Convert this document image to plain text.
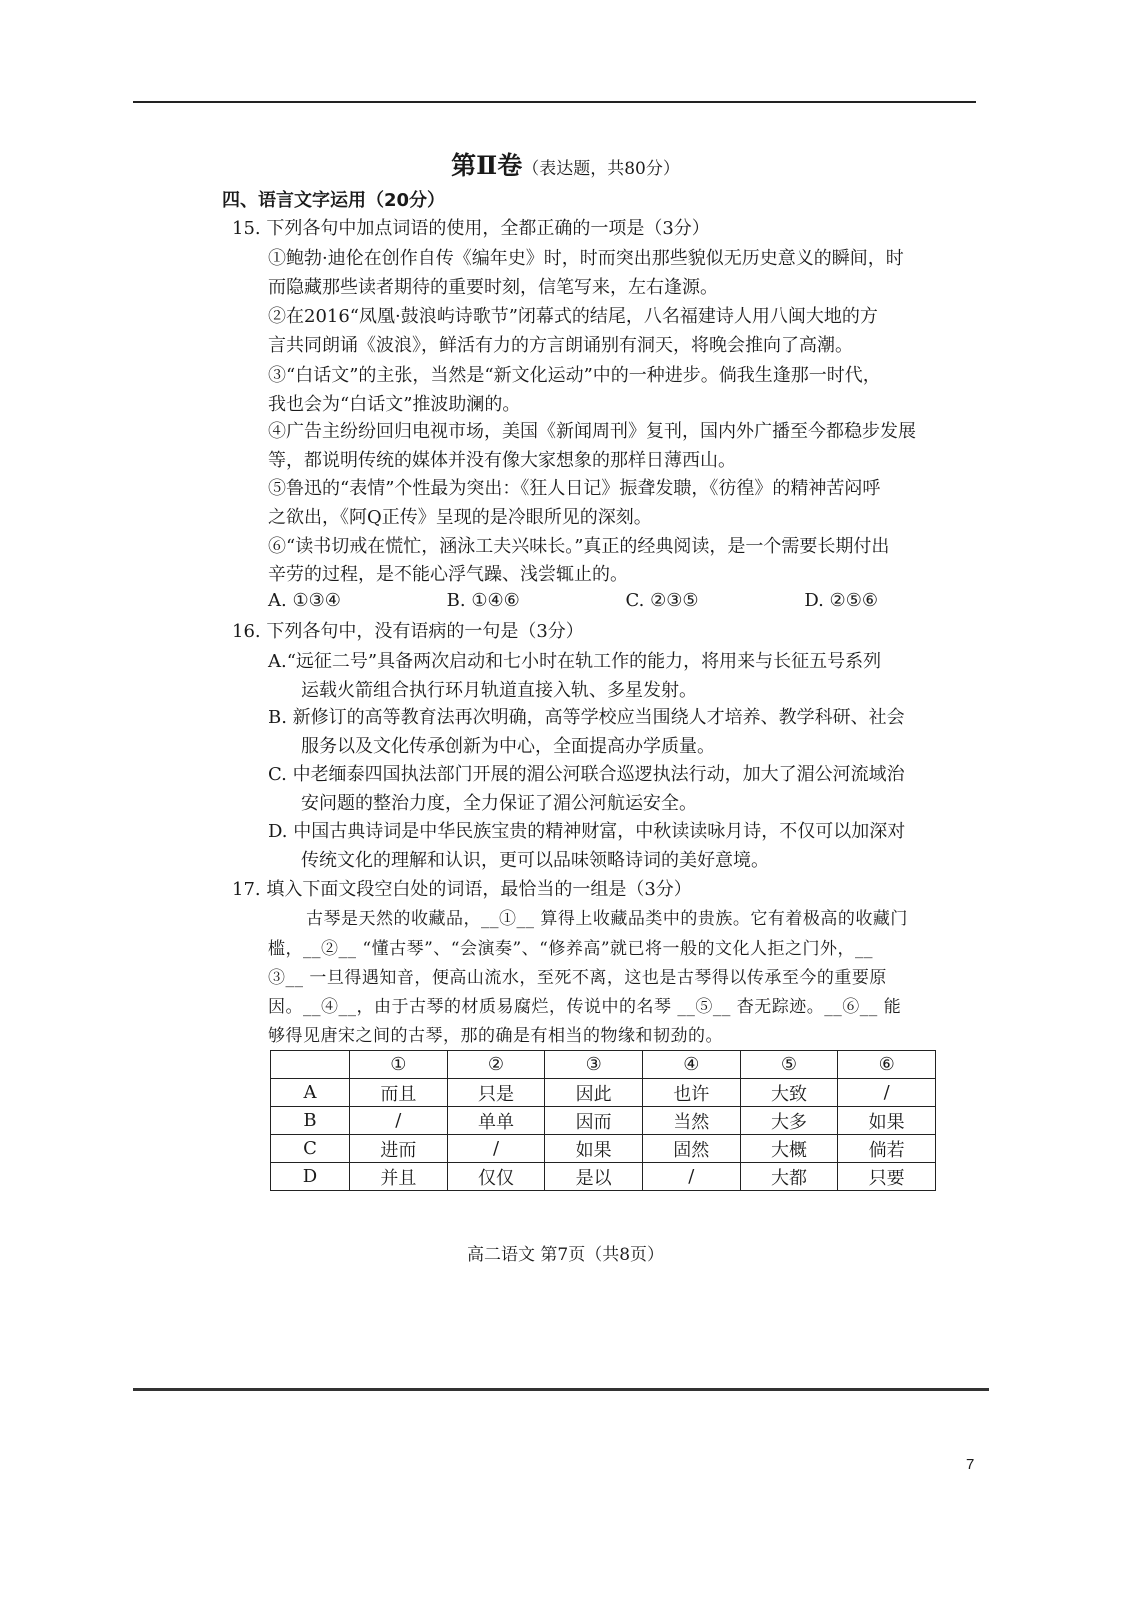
第Ⅱ卷（表达题，共80分）
四、语言文字运用（20分）
15. 下列各句中加点词语的使用，全都正确的一项是（3分）
①鲍勃·迪伦在创作自传《编年史》时，时而突出那些貌似无历史意义的瞬间，时
而隐藏那些读者期待的重要时刻，信笔写来，左右逢源。
②在2016“凤凰·鼓浪屿诗歌节”闭幕式的结尾，八名福建诗人用八闽大地的方
言共同朗诵《波浪》，鲜活有力的方言朗诵别有洞天，将晚会推向了高潮。
③“白话文”的主张，当然是“新文化运动”中的一种进步。倘我生逢那一时代，
我也会为“白话文”推波助澜的。
④广告主纷纷回归电视市场，美国《新闻周刊》复刊，国内外广播至今都稳步发展
等，都说明传统的媒体并没有像大家想象的那样日薄西山。
⑤鲁迅的“表情”个性最为突出：《狂人日记》振聋发聩，《彷徨》的精神苦闷呼
之欲出，《阿Q正传》呈现的是冷眼所见的深刻。
⑥“读书切戒在慌忙，涵泳工夫兴味长。”真正的经典阅读，是一个需要长期付出
辛劳的过程，是不能心浮气躁、浅尝辄止的。
A. ①③④	B. ①④⑥	C. ②③⑤	D. ②⑤⑥
16. 下列各句中，没有语病的一句是（3分）
A.“远征二号”具备两次启动和七小时在轨工作的能力，将用来与长征五号系列
运载火箭组合执行环月轨道直接入轨、多星发射。
B. 新修订的高等教育法再次明确，高等学校应当围绕人才培养、教学科研、社会
服务以及文化传承创新为中心，全面提高办学质量。
C. 中老缅泰四国执法部门开展的湄公河联合巡逻执法行动，加大了湄公河流域治
安问题的整治力度，全力保证了湄公河航运安全。
D. 中国古典诗词是中华民族宝贵的精神财富，中秋读读咏月诗，不仅可以加深对
传统文化的理解和认识，更可以品味领略诗词的美好意境。
17. 填入下面文段空白处的词语，最恰当的一组是（3分）
古琴是天然的收藏品，__①__ 算得上收藏品类中的贵族。它有着极高的收藏门
槛，__②__ “懂古琴”、“会演奏”、“修养高”就已将一般的文化人拒之门外，__
③__ 一旦得遇知音，便高山流水，至死不离，这也是古琴得以传承至今的重要原
因。__④__，由于古琴的材质易腐烂，传说中的名琴 __⑤__ 杳无踪迹。__⑥__ 能
够得见唐宋之间的古琴，那的确是有相当的物缘和韧劲的。
	①	②	③	④	⑤	⑥
A	而且	只是	因此	也许	大致	/
B	/	单单	因而	当然	大多	如果
C	进而	/	如果	固然	大概	倘若
D	并且	仅仅	是以	/	大都	只要
高二语文 第7页（共8页）
7
